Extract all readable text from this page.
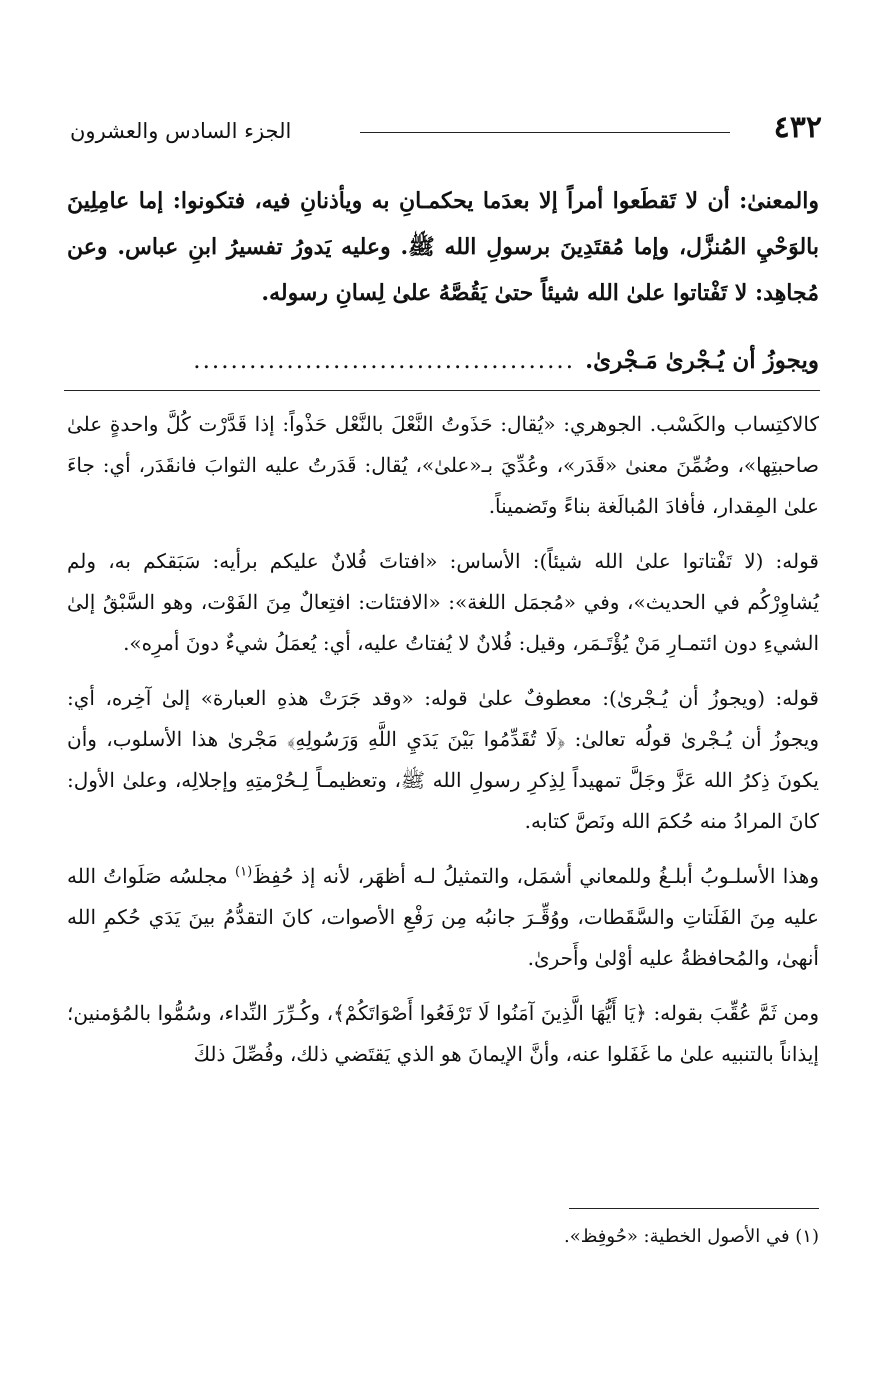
٤٣٢
الجزء السادس والعشرون

والمعنىٰ: أن لا تَقطَعوا أمراً إلا بعدَما يحكمـانِ به ويأذنانِ فيه، فتكونوا: إما عامِلِينَ بالوَحْيِ المُنزَّل، وإما مُقتَدِينَ برسولِ الله ﷺ. وعليه يَدورُ تفسيرُ ابنِ عباس. وعن مُجاهِد: لا تَفْتاتوا علىٰ الله شيئاً حتىٰ يَقُصَّهُ علىٰ لِسانِ رسوله.

ويجوزُ أن يُـجْرىٰ مَـجْرىٰ..........................................

كالاكتِساب والكَسْب. الجوهري: «يُقال: حَذَوتُ النَّعْلَ بالنَّعْل حَذْواً: إذا قَدَّرْت كُلَّ واحدةٍ علىٰ صاحبتِها»، وضُمِّنَ معنىٰ «قَدَر»، وعُدِّيَ بـ«علىٰ»، يُقال: قَدَرتُ عليه الثوابَ فانقَدَر، أي: جاءَ علىٰ المِقدار، فأفادَ المُبالَغة بناءً وتَضميناً.

قوله: (لا تَفْتاتوا علىٰ الله شيئاً): الأساس: «افتاتَ فُلانٌ عليكم برأيه: سَبَقكم به، ولم يُشاوِرْكُم في الحديث»، وفي «مُجمَل اللغة»: «الافتئات: افتِعالٌ مِنَ الفَوْت، وهو السَّبْقُ إلىٰ الشيءِ دون ائتمـارِ مَنْ يُؤْتَـمَر، وقيل: فُلانٌ لا يُفتاتُ عليه، أي: يُعمَلُ شيءٌ دونَ أمرِه».

قوله: (ويجوزُ أن يُـجْرىٰ): معطوفٌ علىٰ قوله: «وقد جَرَتْ هذهِ العبارة» إلىٰ آخِره، أي: ويجوزُ أن يُـجْرىٰ قولُه تعالىٰ: ﴿لَا تُقَدِّمُوا بَيْنَ يَدَيِ اللَّهِ وَرَسُولِهِ﴾ مَجْرىٰ هذا الأسلوب، وأن يكونَ ذِكرُ الله عَزَّ وجَلَّ تمهيداً لِذِكرِ رسولِ الله ﷺ، وتعظيمـاً لِـحُرْمتِهِ وإجلالِه، وعلىٰ الأول: كانَ المرادُ منه حُكمَ الله ونَصَّ كتابه.

وهذا الأسلـوبُ أبلـغُ وللمعاني أشمَل، والتمثيلُ لـه أظهَر، لأنه إذ حُفِظَ$^{(١)}$ مجلسُه صَلَواتُ الله عليه مِنَ الفَلَتاتِ والسَّقَطات، ووُقِّـرَ جانبُه مِن رَفْعِ الأصوات، كانَ التقدُّمُ بينَ يَدَي حُكمِ الله أنهىٰ، والمُحافظةُ عليه أوْلىٰ وأَحرىٰ.

ومن ثَمَّ عُقِّبَ بقوله: ﴿يَا أَيُّهَا الَّذِينَ آمَنُوا لَا تَرْفَعُوا أَصْوَاتَكُمْ﴾، وكُـرِّرَ النِّداء، وسُمُّوا بالمُؤمنين؛ إيذاناً بالتنبيه علىٰ ما غَفَلوا عنه، وأنَّ الإيمانَ هو الذي يَقتَضي ذلك، وفُصِّلَ ذلكَ

(١) في الأصول الخطية: «حُوفِظ».
